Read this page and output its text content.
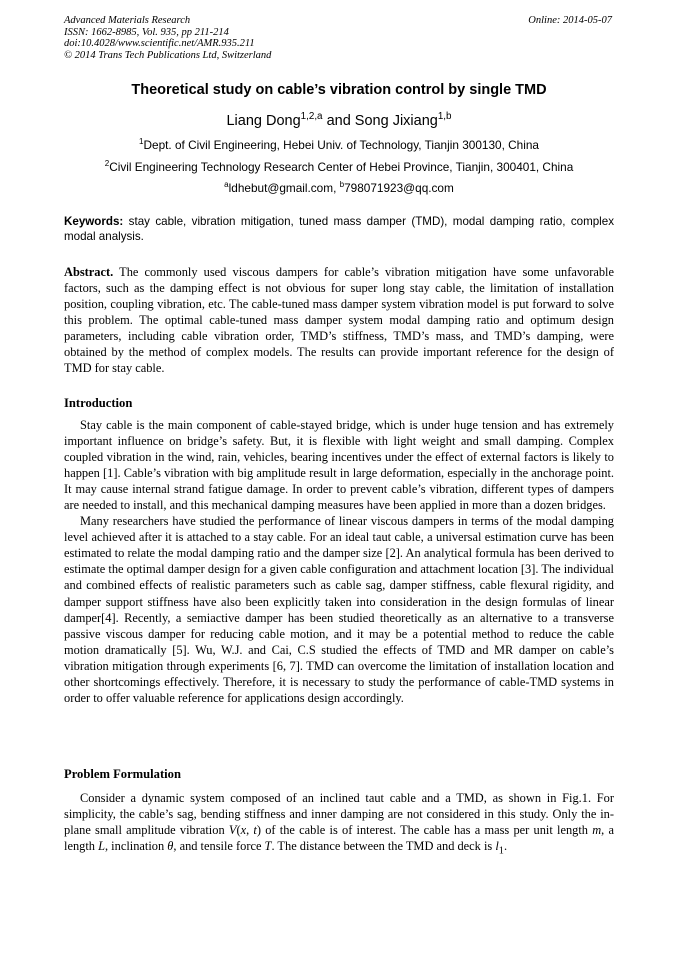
Advanced Materials Research
ISSN: 1662-8985, Vol. 935, pp 211-214
doi:10.4028/www.scientific.net/AMR.935.211
© 2014 Trans Tech Publications Ltd, Switzerland
Online: 2014-05-07
Theoretical study on cable’s vibration control by single TMD
Liang Dong$^{1,2,a}$ and Song Jixiang$^{1,b}$
$^1$Dept. of Civil Engineering, Hebei Univ. of Technology, Tianjin 300130, China
$^2$Civil Engineering Technology Research Center of Hebei Province, Tianjin, 300401, China
$^a$ldhebut@gmail.com, $^b$798071923@qq.com
Keywords: stay cable, vibration mitigation, tuned mass damper (TMD), modal damping ratio, complex modal analysis.
Abstract. The commonly used viscous dampers for cable’s vibration mitigation have some unfavorable factors, such as the damping effect is not obvious for super long stay cable, the limitation of installation position, coupling vibration, etc. The cable-tuned mass damper system vibration model is put forward to solve this problem. The optimal cable-tuned mass damper system modal damping ratio and optimum design parameters, including cable vibration order, TMD’s stiffness, TMD’s mass, and TMD’s damping, were obtained by the method of complex models. The results can provide important reference for the design of TMD for stay cable.
Introduction

Stay cable is the main component of cable-stayed bridge, which is under huge tension and has extremely important influence on bridge’s safety. But, it is flexible with light weight and small damping. Complex coupled vibration in the wind, rain, vehicles, bearing incentives under the effect of external factors is likely to happen [1]. Cable’s vibration with big amplitude result in large deformation, especially in the anchorage point. It may cause internal strand fatigue damage. In order to prevent cable’s vibration, different types of dampers are needed to install, and this mechanical damping measures have been applied in more than a dozen bridges.

Many researchers have studied the performance of linear viscous dampers in terms of the modal damping level achieved after it is attached to a stay cable. For an ideal taut cable, a universal estimation curve has been estimated to relate the modal damping ratio and the damper size [2]. An analytical formula has been derived to estimate the optimal damper design for a given cable configuration and attachment location [3]. The individual and combined effects of realistic parameters such as cable sag, damper stiffness, cable flexural rigidity, and damper support stiffness have also been explicitly taken into consideration in the design formulas of linear damper[4]. Recently, a semiactive damper has been studied theoretically as an alternative to a transverse passive viscous damper for reducing cable motion, and it may be a potential method to reduce the cable motion dramatically [5]. Wu, W.J. and Cai, C.S studied the effects of TMD and MR damper on cable’s vibration mitigation through experiments [6, 7]. TMD can overcome the limitation of installation location and other shortcomings effectively. Therefore, it is necessary to study the performance of cable-TMD systems in order to offer valuable reference for applications design accordingly.

Problem Formulation

Consider a dynamic system composed of an inclined taut cable and a TMD, as shown in Fig.1. For simplicity, the cable’s sag, bending stiffness and inner damping are not considered in this study. Only the in-plane small amplitude vibration V(x, t) of the cable is of interest. The cable has a mass per unit length m, a length L, inclination θ, and tensile force T. The distance between the TMD and deck is $l_1$.
